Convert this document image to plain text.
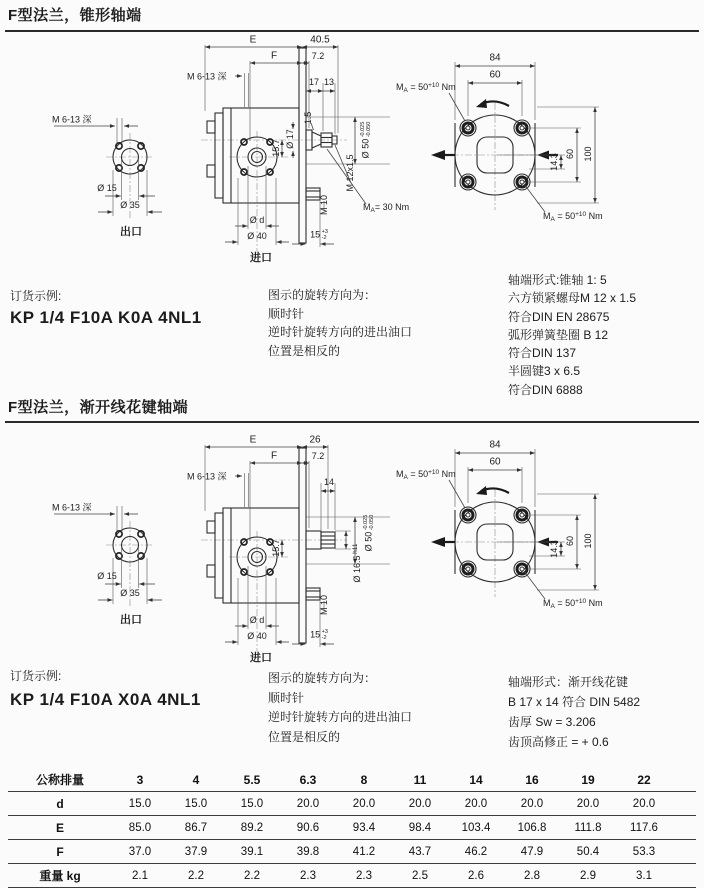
F型法兰，锥形轴端
M 6-13 深
Ø 15
Ø 35
出口
E	40.5
F	7.2
M 6-13 深
17 13
15.7
1.5
Ø 17	Ø 50
-0.025 -0.050
M 12x1.5
M 10	$M_A= 30$ Nm
Ø d
Ø 40	15 +3
-2
进口
84
60
$M_A = 50^{+10}$ Nm
14.3 60 100
$M_A = 50^{+10}$ Nm
订货示例:
KP 1/4 F10A K0A 4NL1
图示的旋转方向为：
顺时针
逆时针旋转方向的进出油口
位置是相反的
轴端形式:锥轴 1: 5
六方锁紧螺母M 12 x 1.5
符合DIN EN 28675
弧形弹簧垫圈 B 12
符合DIN 137
半圆键3 x 6.5
符合DIN 6888
F型法兰，渐开线花键轴端
M 6-13 深
Ø 15
Ø 35
出口
E	26
F	7.2
M 6-13 深
14
15.7	Ø 50
-0.025 -0.050
Ø $16.5^{h11}$
M 10
Ø d
Ø 40	15 +3
-2
进口
84
60
$M_A = 50^{+10}$ Nm
14.3 60 100
$M_A = 50^{+10}$ Nm
订货示例:
KP 1/4 F10A X0A 4NL1
图示的旋转方向为：
顺时针
逆时针旋转方向的进出油口
位置是相反的
轴端形式：渐开线花键
B 17 x 14 符合 DIN 5482
齿厚 Sw = 3.206
齿顶高修正 = + 0.6
公称排量	3	4	5.5	6.3	8	11	14	16	19	22
d	15.0	15.0	15.0	20.0	20.0	20.0	20.0	20.0	20.0	20.0
E	85.0	86.7	89.2	90.6	93.4	98.4	103.4	106.8	111.8	117.6
F	37.0	37.9	39.1	39.8	41.2	43.7	46.2	47.9	50.4	53.3
重量 kg	2.1	2.2	2.2	2.3	2.3	2.5	2.6	2.8	2.9	3.1
